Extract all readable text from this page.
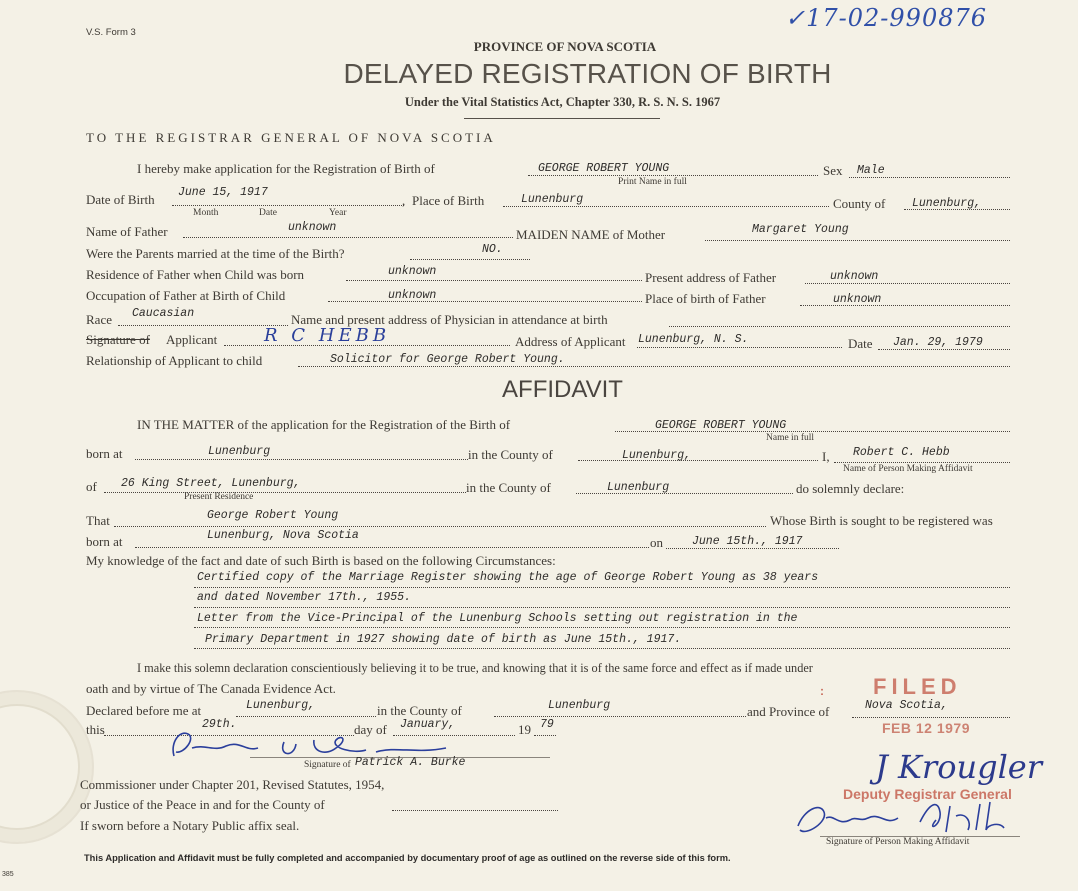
✓17-02-990876
V.S. Form 3
PROVINCE OF NOVA SCOTIA
DELAYED REGISTRATION OF BIRTH
Under the Vital Statistics Act, Chapter 330, R. S. N. S. 1967
TO THE REGISTRAR GENERAL OF NOVA SCOTIA
I hereby make application for the Registration of Birth of	GEORGE ROBERT YOUNG
Print Name in full
Sex Male
Date of Birth June 15, 1917
Month	Date	Year
, Place of Birth	Lunenburg	County of Lunenburg,
Name of Father	unknown	MAIDEN NAME of Mother	Margaret Young
Were the Parents married at the time of the Birth?	NO.
Residence of Father when Child was born	unknown	Present address of Father	unknown
Occupation of Father at Birth of Child	unknown	Place of birth of Father	unknown
Race Caucasian	Name and present address of Physician in attendance at birth
Signature of Applicant	R C HEBB	Address of Applicant Lunenburg, N. S.	Date Jan. 29, 1979
Relationship of Applicant to child	Solicitor for George Robert Young.
AFFIDAVIT
IN THE MATTER of the application for the Registration of the Birth of	GEORGE ROBERT YOUNG
Name in full
born at	Lunenburg	in the County of	Lunenburg,	I, Robert C. Hebb
Name of Person Making Affidavit
of 26 King Street, Lunenburg,
Present Residence
in the County of	Lunenburg	do solemnly declare:
That	George Robert Young	Whose Birth is sought to be registered was
born at	Lunenburg, Nova Scotia	on	June 15th., 1917
My knowledge of the fact and date of such Birth is based on the following Circumstances:
Certified copy of the Marriage Register showing the age of George Robert Young as 38 years
and dated November 17th., 1955.
Letter from the Vice-Principal of the Lunenburg Schools setting out registration in the
Primary Department in 1927 showing date of birth as June 15th., 1917.
I make this solemn declaration conscientiously believing it to be true, and knowing that it is of the same force and effect as if made under
oath and by virtue of The Canada Evidence Act.
Declared before me at	Lunenburg,	in the County of	Lunenburg	and Province of	Nova Scotia,
this	29th.	day of January,	19 79
Signature of Patrick A. Burke
Commissioner under Chapter 201, Revised Statutes, 1954,
or Justice of the Peace in and for the County of
If sworn before a Notary Public affix seal.
FILED
:
FEB 12 1979
Deputy Registrar General
J Krougler
Signature of Person Making Affidavit
This Application and Affidavit must be fully completed and accompanied by documentary proof of age as outlined on the reverse side of this form.
385
